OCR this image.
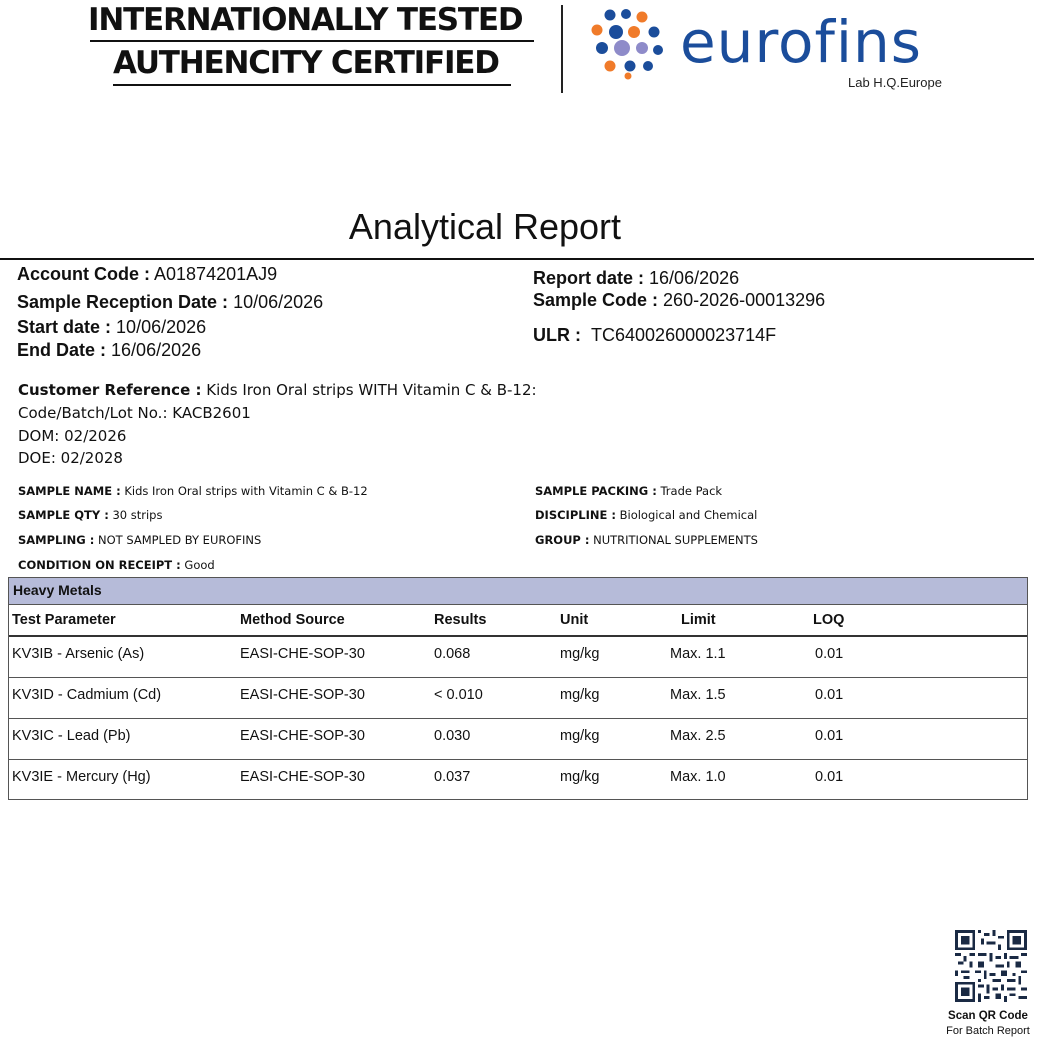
INTERNATIONALLY TESTED
AUTHENCITY CERTIFIED	eurofins
Lab H.Q.Europe
Analytical Report
Account Code : A01874201AJ9
Sample Reception Date : 10/06/2026
Start date : 10/06/2026
End Date : 16/06/2026
Report date : 16/06/2026
Sample Code : 260-2026-00013296
ULR : TC640026000023714F
Customer Reference : Kids Iron Oral strips WITH Vitamin C & B-12:
Code/Batch/Lot No.: KACB2601
DOM: 02/2026
DOE: 02/2028
SAMPLE NAME : Kids Iron Oral strips with Vitamin C & B-12
SAMPLE QTY : 30 strips
SAMPLING : NOT SAMPLED BY EUROFINS
CONDITION ON RECEIPT : Good
SAMPLE PACKING : Trade Pack
DISCIPLINE : Biological and Chemical
GROUP : NUTRITIONAL SUPPLEMENTS
Heavy Metals
Test Parameter	Method Source	Results	Unit	Limit	LOQ
KV3IB - Arsenic (As)	EASI-CHE-SOP-30	0.068	mg/kg	Max. 1.1	0.01
KV3ID - Cadmium (Cd)	EASI-CHE-SOP-30	< 0.010	mg/kg	Max. 1.5	0.01
KV3IC - Lead (Pb)	EASI-CHE-SOP-30	0.030	mg/kg	Max. 2.5	0.01
KV3IE - Mercury (Hg)	EASI-CHE-SOP-30	0.037	mg/kg	Max. 1.0	0.01
Scan QR Code
For Batch Report
